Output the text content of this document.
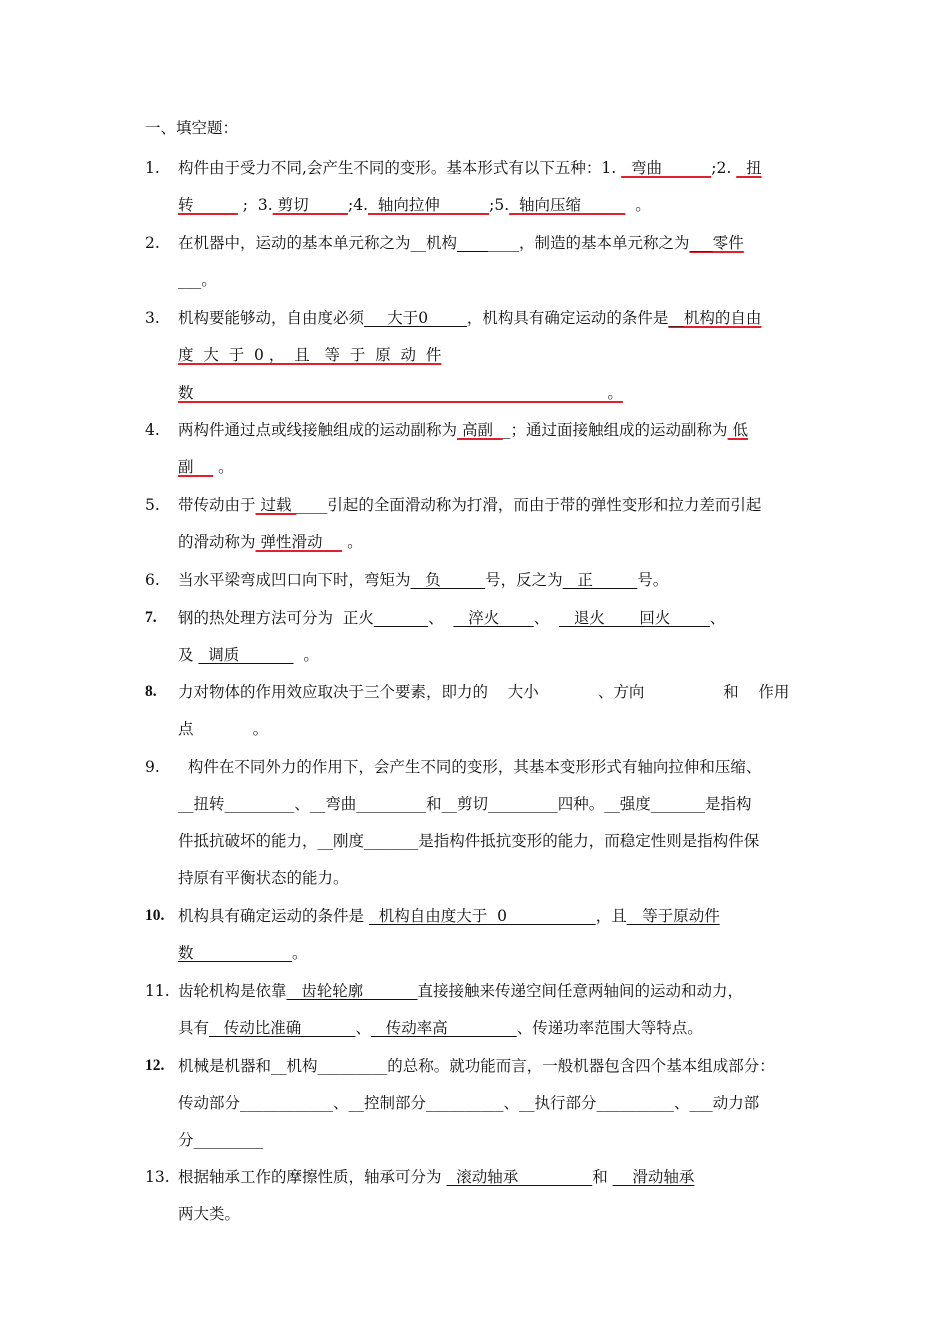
一、填空题：
1.	构件由于受力不同,会产生不同的变形。基本形式有以下五种：1.   弯曲          ;2.   扭
转          ;  3. 剪切        ;4.  轴向拉伸          ;5.  轴向压缩           。
2.	在机器中，运动的基本单元称之为__机构________，制造的基本单元称之为___零件
___。
3.	机构要能够动，自由度必须___大于0_____，机构具有确定运动的条件是__机构的自由
度  大  于  0 ，  且   等  于  原  动  件
数                                                                                    。
4.	两构件通过点或线接触组成的运动副称为 高副  _；通过面接触组成的运动副称为 低
副     。
5.	带传动由于 过载 ____引起的全面滑动称为打滑，而由于带的弹性变形和拉力差而引起
的滑动称为 弹性滑动     。
6.	当水平梁弯成凹口向下时，弯矩为   负         号，反之为   正         号。
7.	钢的热处理方法可分为  正火_______、     淬火       、     退火       回火        、
及   调质             。
8.	力对物体的作用效应取决于三个要素，即力的    大小            、方向                和    作用
点            。
9.	构件在不同外力的作用下，会产生不同的变形，其基本变形形式有轴向拉伸和压缩、
__扭转_________、__弯曲_________和__剪切_________四种。__强度_______是指构
件抵抗破坏的能力，__刚度_______是指构件抵抗变形的能力，而稳定性则是指构件保
持原有平衡状态的能力。
10. 机构具有确定运动的条件是   机构自由度大于  0                  ，且__等于原动件
数                    。
11. 齿轮机构是依靠   齿轮轮廓           直接接触来传递空间任意两轴间的运动和动力，
具有   传动比准确           、   传动率高              、传递功率范围大等特点。
12. 机械是机器和__机构_________的总称。就功能而言，一般机器包含四个基本组成部分：
传动部分____________、__控制部分__________、__执行部分__________、___动力部
分_________
13. 根据轴承工作的摩擦性质，轴承可分为   滚动轴承               和     滑动轴承
两大类。
